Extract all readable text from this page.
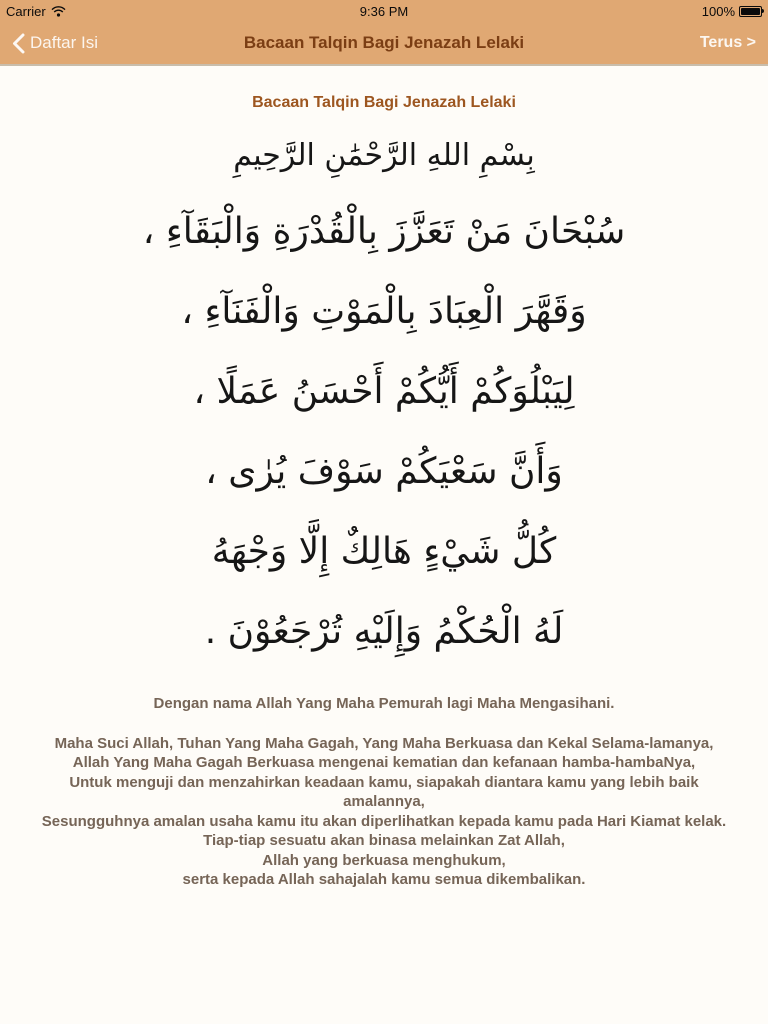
Carrier	9:36 PM	100%
Daftar Isi	Bacaan Talqin Bagi Jenazah Lelaki	Terus >
Bacaan Talqin Bagi Jenazah Lelaki
بِسْمِ اللهِ الرَّحْمَٰنِ الرَّحِيمِ
سُبْحَانَ مَنْ تَعَزَّزَ بِالْقُدْرَةِ وَالْبَقَآءِ ،
وَقَهَّرَ الْعِبَادَ بِالْمَوْتِ وَالْفَنَآءِ ،
لِيَبْلُوَكُمْ أَيُّكُمْ أَحْسَنُ عَمَلًا ،
وَأَنَّ سَعْيَكُمْ سَوْفَ يُرٰى ،
كُلُّ شَيْءٍ هَالِكٌ إِلَّا وَجْهَهُ
لَهُ الْحُكْمُ وَإِلَيْهِ تُرْجَعُوْنَ .

Dengan nama Allah Yang Maha Pemurah lagi Maha Mengasihani.

Maha Suci Allah, Tuhan Yang Maha Gagah, Yang Maha Berkuasa dan Kekal Selama-lamanya,

Allah Yang Maha Gagah Berkuasa mengenai kematian dan kefanaan hamba-hambaNya,

Untuk menguji dan menzahirkan keadaan kamu, siapakah diantara kamu yang lebih baik amalannya,

Sesungguhnya amalan usaha kamu itu akan diperlihatkan kepada kamu pada Hari Kiamat kelak.

Tiap-tiap sesuatu akan binasa melainkan Zat Allah,

Allah yang berkuasa menghukum,

serta kepada Allah sahajalah kamu semua dikembalikan.
